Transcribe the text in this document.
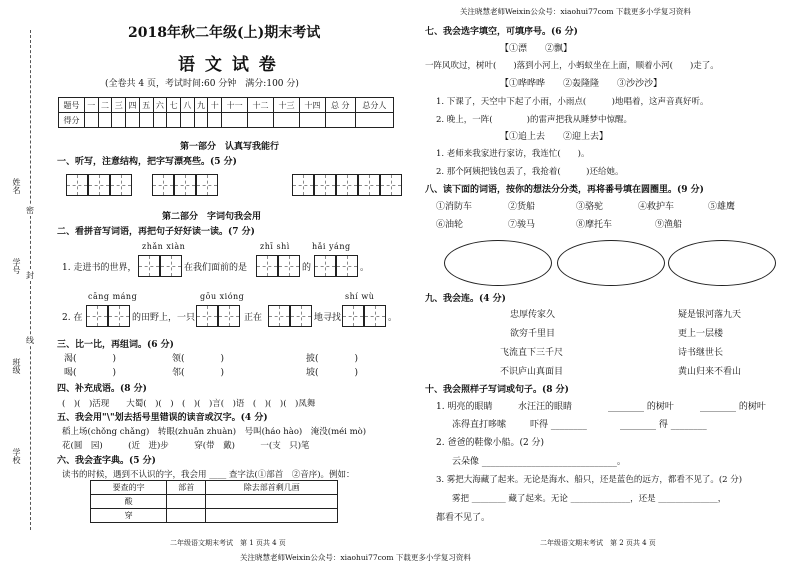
关注晓慧老师Weixin公众号：xiaohui77com 下载更多小学复习资料
关注晓慧老师Weixin公众号：xiaohui77com 下载更多小学复习资料
二年级语文期末考试　第 1 页共 4 页	二年级语文期末考试　第 2 页共 4 页
姓名
学号
班级
学校
密
封
线
2018年秋二年级(上)期末考试
语 文 试 卷
(全卷共 4 页，考试时间:60 分钟　满分:100 分)
题号	一	二	三	四	五	六	七	八	九	十	十一	十二	十三	十四	总 分	总分人
得分																
第一部分　认真写我能行
一、听写，注意结构，把字写漂亮些。(5 分)
第二部分　字词句我会用
二、看拼音写词语，再把句子好好读一读。(7 分)
zhǎn xiàn	zhī shì	hǎi yáng
1. 走进书的世界，	在我们面前的是	的	。
cāng máng	gōu xióng	shí wù
2. 在	的田野上，一只	正在	地寻找	。
三、比一比，再组词。(6 分)
渴(　　　　)	领(　　　　)	披(　　　　)
喝(　　　　)	邻(　　　　)	坡(　　　　)
四、补充成语。(8 分)
(　)(　)活现　　大蜀(　)(　)　(　)(　)言(　)语　(　)(　)(　)凤舞
五、我会用"\"划去括号里错误的读音或汉字。(4 分)
稻上场(chǒng chǎng)　转眼(zhuǎn zhuàn)　号叫(háo hào)　淹没(méi mò)
花(圆　园)　　　(近　进)步　　　穿(带　戴)　　　一(支　只)笔
六、我会查字典。(5 分)
读书的时候，遇到不认识的字，我会用 ____ 查字法(①部首　②音序)。例如：
要查的字	部首	除去部首剩几画
酸		
穿		
七、我会选字填空，可填序号。(6 分)
【①漂　　②飘】
一阵风吹过，树叶(　　)落到小河上，小蚂蚁坐在上面，顺着小河(　　)走了。
【①哗哗哗　　②轰隆隆　　③沙沙沙】
1. 下课了，天空中下起了小雨，小雨点(　　　)地唱着，这声音真好听。
2. 晚上，一阵(　　　　)的雷声把我从睡梦中惊醒。
【①追上去　　②迎上去】
1. 老师来我家进行家访，我连忙(　　)。
2. 那个阿姨把钱包丢了，我抢着(　　　)还给她。
八、读下面的词语，按你的想法分分类，再将番号填在圆圈里。(9 分)
①消防车	②货船	③骆驼	④救护车	⑤雄鹰
⑥油轮	⑦骏马	⑧摩托车	⑨渔船
九、我会连。(4 分)
忠厚传家久
欲穷千里目
飞流直下三千尺
不识庐山真面目
疑是银河落九天
更上一层楼
诗书继世长
黄山归来不看山
十、我会照样子写词或句子。(8 分)
1. 明亮的眼睛	水汪汪的眼睛	________ 的树叶	________ 的树叶
冻得直打哆嗦	吓得 ________	________ 得 ________
2. 爸爸的鞋像小船。(2 分)
云朵像 ______________________________。
3. 雾把大海藏了起来。无论是海水、船只，还是蓝色的远方，都看不见了。(2 分)
雾把 ________ 藏了起来。无论 ______________，还是 ______________，
都看不见了。
